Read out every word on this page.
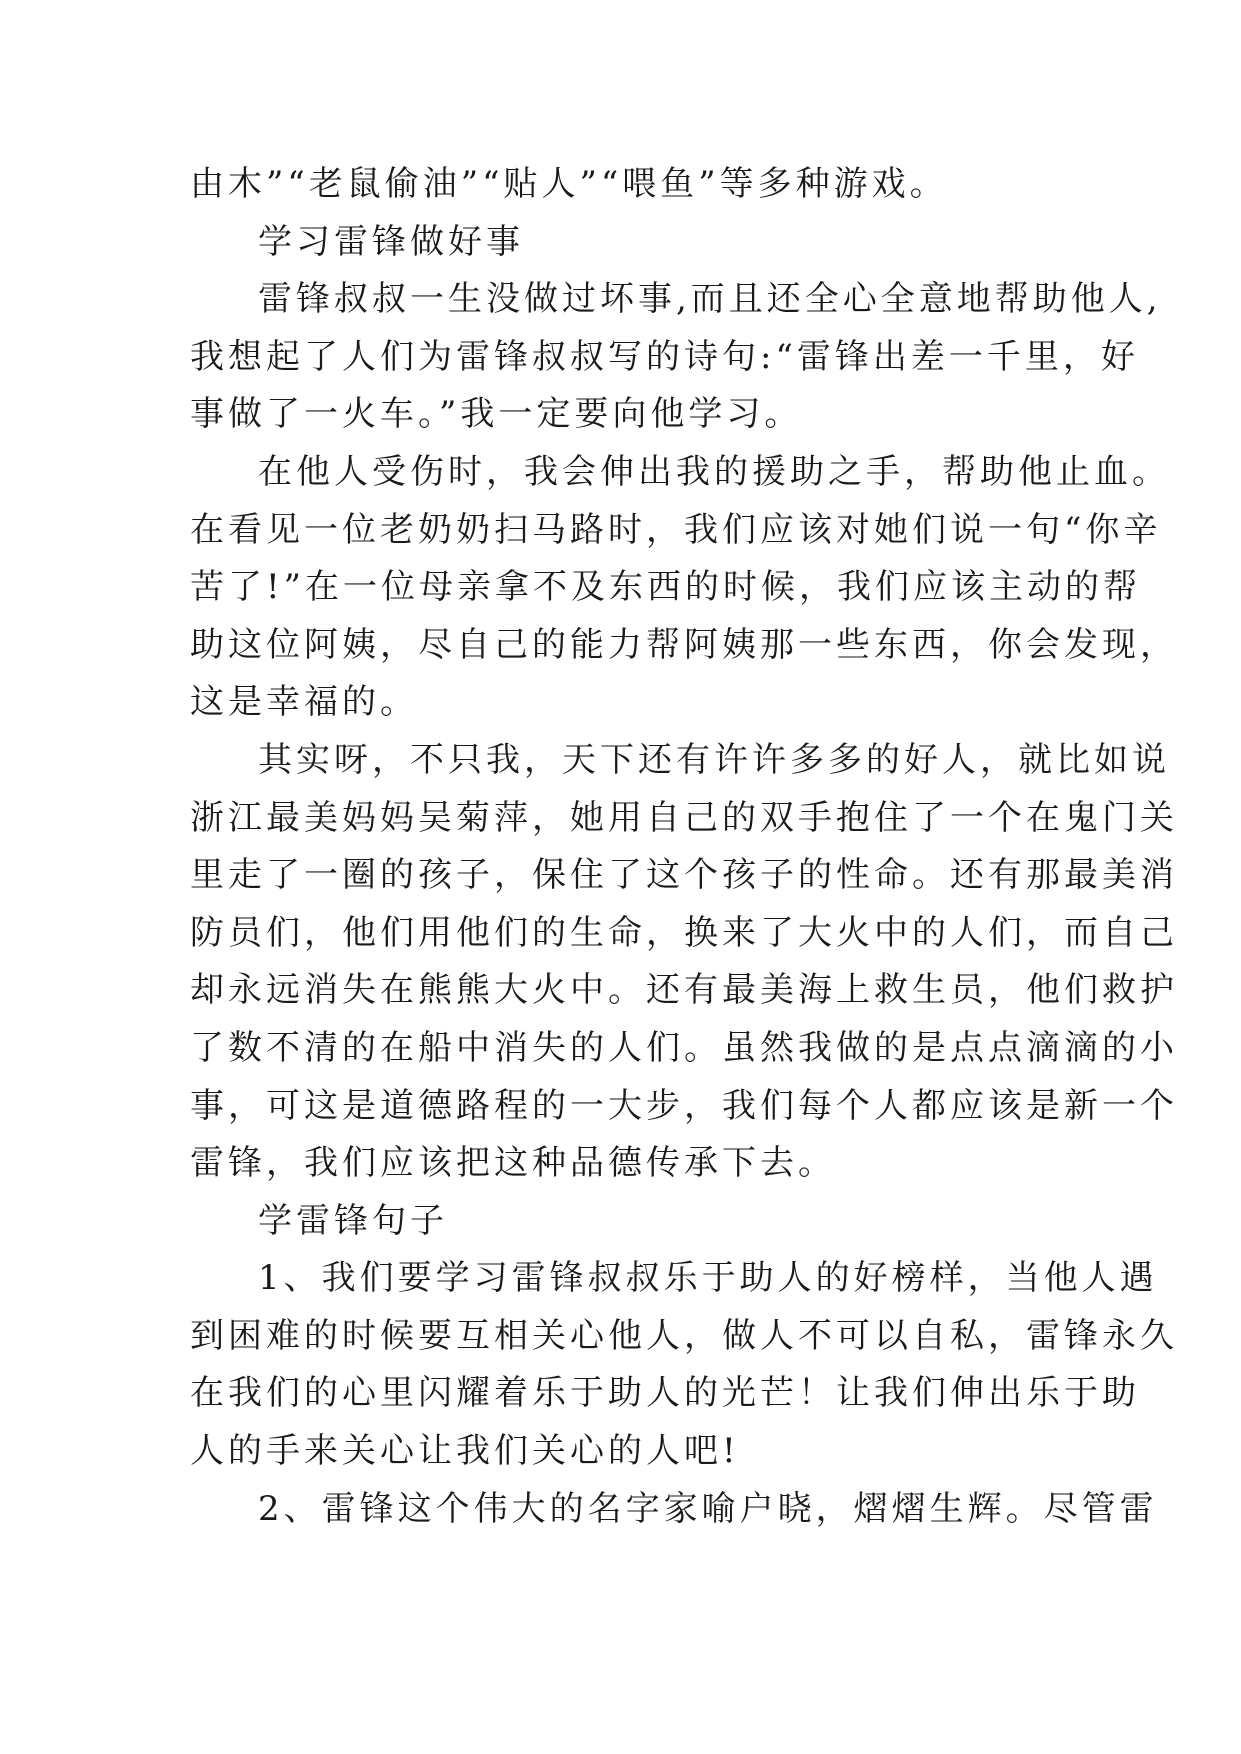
由木”“老鼠偷油”“贴人”“喂鱼”等多种游戏。
学习雷锋做好事
雷锋叔叔一生没做过坏事,而且还全心全意地帮助他人,
我想起了人们为雷锋叔叔写的诗句:“雷锋出差一千里，好
事做了一火车。”我一定要向他学习。
在他人受伤时，我会伸出我的援助之手，帮助他止血。
在看见一位老奶奶扫马路时，我们应该对她们说一句“你辛
苦了!”在一位母亲拿不及东西的时候，我们应该主动的帮
助这位阿姨，尽自己的能力帮阿姨那一些东西，你会发现，
这是幸福的。
其实呀，不只我，天下还有许许多多的好人，就比如说
浙江最美妈妈吴菊萍，她用自己的双手抱住了一个在鬼门关
里走了一圈的孩子，保住了这个孩子的性命。还有那最美消
防员们，他们用他们的生命，换来了大火中的人们，而自己
却永远消失在熊熊大火中。还有最美海上救生员，他们救护
了数不清的在船中消失的人们。虽然我做的是点点滴滴的小
事，可这是道德路程的一大步，我们每个人都应该是新一个
雷锋，我们应该把这种品德传承下去。
学雷锋句子
1、我们要学习雷锋叔叔乐于助人的好榜样，当他人遇
到困难的时候要互相关心他人，做人不可以自私，雷锋永久
在我们的心里闪耀着乐于助人的光芒！让我们伸出乐于助
人的手来关心让我们关心的人吧!
2、雷锋这个伟大的名字家喻户晓，熠熠生辉。尽管雷
